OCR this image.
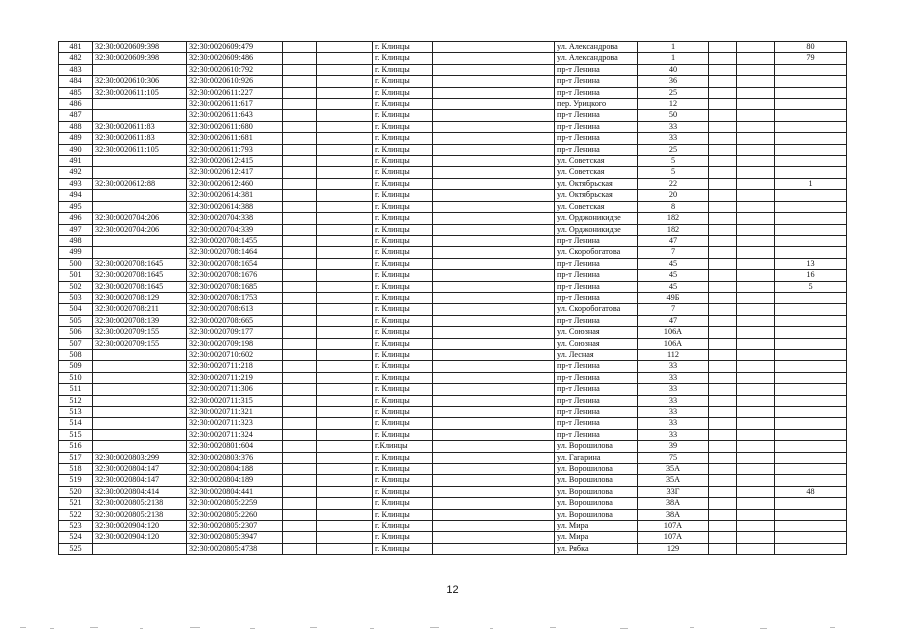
481	32:30:0020609:398	32:30:0020609:479			г. Клинцы		ул. Александрова	1			80
482	32:30:0020609:398	32:30:0020609:486			г. Клинцы		ул. Александрова	1			79
483		32:30:0020610:792			г. Клинцы		пр-т Ленина	40			
484	32:30:0020610:306	32:30:0020610:926			г. Клинцы		пр-т Ленина	36			
485	32:30:0020611:105	32:30:0020611:227			г. Клинцы		пр-т Ленина	25			
486		32:30:0020611:617			г. Клинцы		пер. Урицкого	12			
487		32:30:0020611:643			г. Клинцы		пр-т Ленина	50			
488	32:30:0020611:83	32:30:0020611:680			г. Клинцы		пр-т Ленина	33			
489	32:30:0020611:83	32:30:0020611:681			г. Клинцы		пр-т Ленина	33			
490	32:30:0020611:105	32:30:0020611:793			г. Клинцы		пр-т Ленина	25			
491		32:30:0020612:415			г. Клинцы		ул. Советская	5			
492		32:30:0020612:417			г. Клинцы		ул. Советская	5			
493	32:30:0020612:88	32:30:0020612:460			г. Клинцы		ул. Октябрьская	22			1
494		32:30:0020614:381			г. Клинцы		ул. Октябрьская	20			
495		32:30:0020614:388			г. Клинцы		ул. Советская	8			
496	32:30:0020704:206	32:30:0020704:338			г. Клинцы		ул. Орджоникидзе	182			
497	32:30:0020704:206	32:30:0020704:339			г. Клинцы		ул. Орджоникидзе	182			
498		32:30:0020708:1455			г. Клинцы		пр-т Ленина	47			
499		32:30:0020708:1464			г. Клинцы		ул. Скоробогатова	7			
500	32:30:0020708:1645	32:30:0020708:1654			г. Клинцы		пр-т Ленина	45			13
501	32:30:0020708:1645	32:30:0020708:1676			г. Клинцы		пр-т Ленина	45			16
502	32:30:0020708:1645	32:30:0020708:1685			г. Клинцы		пр-т Ленина	45			5
503	32:30:0020708:129	32:30:0020708:1753			г. Клинцы		пр-т Ленина	49Б			
504	32:30:0020708:211	32:30:0020708:613			г. Клинцы		ул. Скоробогатова	7			
505	32:30:0020708:139	32:30:0020708:665			г. Клинцы		пр-т Ленина	47			
506	32:30:0020709:155	32:30:0020709:177			г. Клинцы		ул. Союзная	106А			
507	32:30:0020709:155	32:30:0020709:198			г. Клинцы		ул. Союзная	106А			
508		32:30:0020710:602			г. Клинцы		ул. Лесная	112			
509		32:30:0020711:218			г. Клинцы		пр-т Ленина	33			
510		32:30:0020711:219			г. Клинцы		пр-т Ленина	33			
511		32:30:0020711:306			г. Клинцы		пр-т Ленина	33			
512		32:30:0020711:315			г. Клинцы		пр-т Ленина	33			
513		32:30:0020711:321			г. Клинцы		пр-т Ленина	33			
514		32:30:0020711:323			г. Клинцы		пр-т Ленина	33			
515		32:30:0020711:324			г. Клинцы		пр-т Ленина	33			
516		32:30:0020801:604			г.Клинцы		ул. Ворошилова	39			
517	32:30:0020803:299	32:30:0020803:376			г. Клинцы		ул. Гагарина	75			
518	32:30:0020804:147	32:30:0020804:188			г. Клинцы		ул. Ворошилова	35А			
519	32:30:0020804:147	32:30:0020804:189			г. Клинцы		ул. Ворошилова	35А			
520	32:30:0020804:414	32:30:0020804:441			г. Клинцы		ул. Ворошилова	33Г			48
521	32:30:0020805:2138	32:30:0020805:2259			г. Клинцы		ул. Ворошилова	38А			
522	32:30:0020805:2138	32:30:0020805:2260			г. Клинцы		ул. Ворошилова	38А			
523	32:30:0020904:120	32:30:0020805:2307			г. Клинцы		ул. Мира	107А			
524	32:30:0020904:120	32:30:0020805:3947			г. Клинцы		ул. Мира	107А			
525		32:30:0020805:4738			г. Клинцы		ул. Рябка	129			
12
